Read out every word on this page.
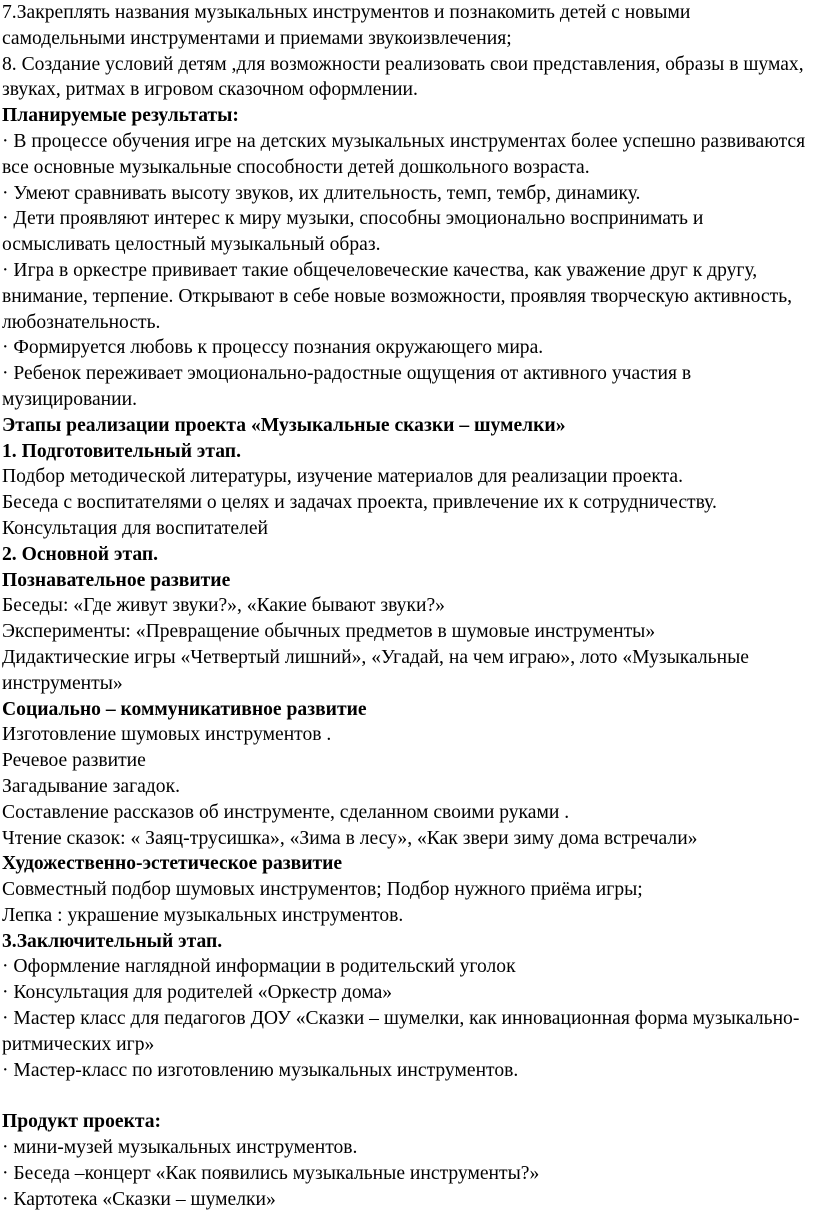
7.Закреплять названия музыкальных инструментов и познакомить детей с новыми самодельными инструментами и приемами звукоизвлечения;

8. Создание условий детям ,для возможности реализовать свои представления, образы в шумах, звуках, ритмах в игровом сказочном оформлении.

Планируемые результаты:

· В процессе обучения игре на детских музыкальных инструментах более успешно развиваются все основные музыкальные способности детей дошкольного возраста.

· Умеют сравнивать высоту звуков, их длительность, темп, тембр, динамику.

· Дети проявляют интерес к миру музыки, способны эмоционально воспринимать и осмысливать целостный музыкальный образ.

· Игра в оркестре прививает такие общечеловеческие качества, как уважение друг к другу, внимание, терпение. Открывают в себе новые возможности, проявляя творческую активность, любознательность.

· Формируется любовь к процессу познания окружающего мира.

· Ребенок переживает эмоционально-радостные ощущения от активного участия в музицировании.

Этапы реализации проекта «Музыкальные сказки – шумелки»

1. Подготовительный этап.

Подбор методической литературы, изучение материалов для реализации проекта.

Беседа с воспитателями о целях и задачах проекта, привлечение их к сотрудничеству.

Консультация для воспитателей

2. Основной этап.

Познавательное развитие

Беседы: «Где живут звуки?», «Какие бывают звуки?»

Эксперименты: «Превращение обычных предметов в шумовые инструменты»

Дидактические игры «Четвертый лишний», «Угадай, на чем играю», лото «Музыкальные инструменты»

Социально – коммуникативное развитие

Изготовление шумовых инструментов .

Речевое развитие

Загадывание загадок.

Составление рассказов об инструменте, сделанном своими руками .

Чтение сказок: « Заяц-трусишка», «Зима в лесу», «Как звери зиму дома встречали»

Художественно-эстетическое развитие

Совместный подбор шумовых инструментов; Подбор нужного приёма игры;

Лепка : украшение музыкальных инструментов.

3.Заключительный этап.

· Оформление наглядной информации в родительский уголок

· Консультация для родителей «Оркестр дома»

· Мастер класс для педагогов ДОУ «Сказки – шумелки, как инновационная форма музыкально-ритмических игр»

· Мастер-класс по изготовлению музыкальных инструментов.

Продукт проекта:

· мини-музей музыкальных инструментов.

· Беседа –концерт «Как появились музыкальные инструменты?»

· Картотека «Сказки – шумелки»
